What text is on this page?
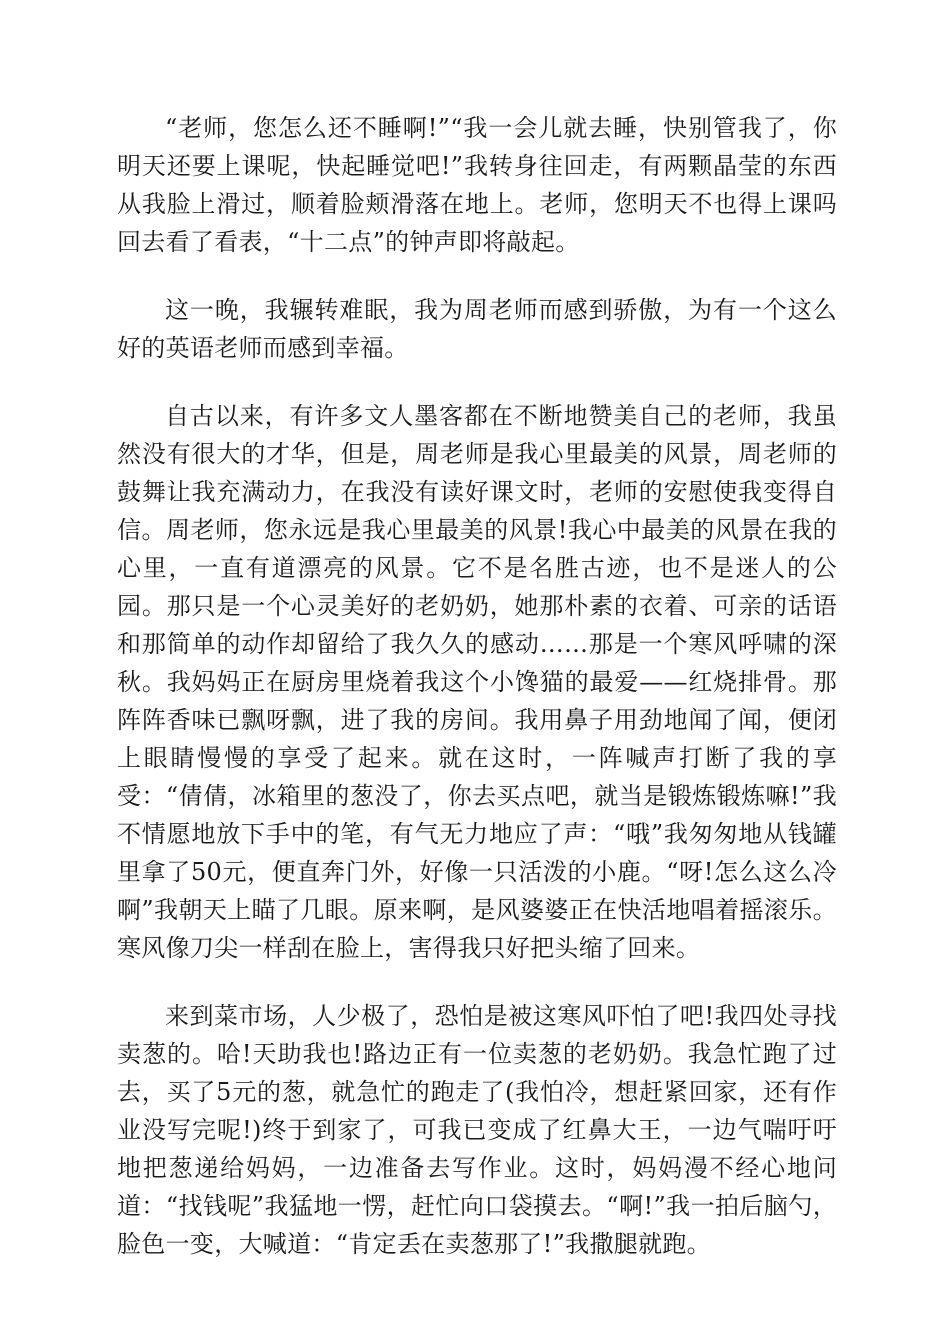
“老师，您怎么还不睡啊!”“我一会儿就去睡，快别管我了，你明天还要上课呢，快起睡觉吧!”我转身往回走，有两颗晶莹的东西从我脸上滑过，顺着脸颊滑落在地上。老师，您明天不也得上课吗回去看了看表，“十二点”的钟声即将敲起。

这一晚，我辗转难眠，我为周老师而感到骄傲，为有一个这么好的英语老师而感到幸福。

自古以来，有许多文人墨客都在不断地赞美自己的老师，我虽然没有很大的才华，但是，周老师是我心里最美的风景，周老师的鼓舞让我充满动力，在我没有读好课文时，老师的安慰使我变得自信。周老师，您永远是我心里最美的风景!我心中最美的风景在我的心里，一直有道漂亮的风景。它不是名胜古迹，也不是迷人的公园。那只是一个心灵美好的老奶奶，她那朴素的衣着、可亲的话语和那简单的动作却留给了我久久的感动……那是一个寒风呼啸的深秋。我妈妈正在厨房里烧着我这个小馋猫的最爱——红烧排骨。那阵阵香味已飘呀飘，进了我的房间。我用鼻子用劲地闻了闻，便闭上眼睛慢慢的享受了起来。就在这时，一阵喊声打断了我的享受：“倩倩，冰箱里的葱没了，你去买点吧，就当是锻炼锻炼嘛!”我不情愿地放下手中的笔，有气无力地应了声：“哦”我匆匆地从钱罐里拿了50元，便直奔门外，好像一只活泼的小鹿。“呀!怎么这么冷啊”我朝天上瞄了几眼。原来啊，是风婆婆正在快活地唱着摇滚乐。寒风像刀尖一样刮在脸上，害得我只好把头缩了回来。

来到菜市场，人少极了，恐怕是被这寒风吓怕了吧!我四处寻找卖葱的。哈!天助我也!路边正有一位卖葱的老奶奶。我急忙跑了过去，买了5元的葱，就急忙的跑走了(我怕冷，想赶紧回家，还有作业没写完呢!)终于到家了，可我已变成了红鼻大王，一边气喘吁吁地把葱递给妈妈，一边准备去写作业。这时，妈妈漫不经心地问道：“找钱呢”我猛地一愣，赶忙向口袋摸去。“啊!”我一拍后脑勺，脸色一变，大喊道：“肯定丢在卖葱那了!”我撒腿就跑。
